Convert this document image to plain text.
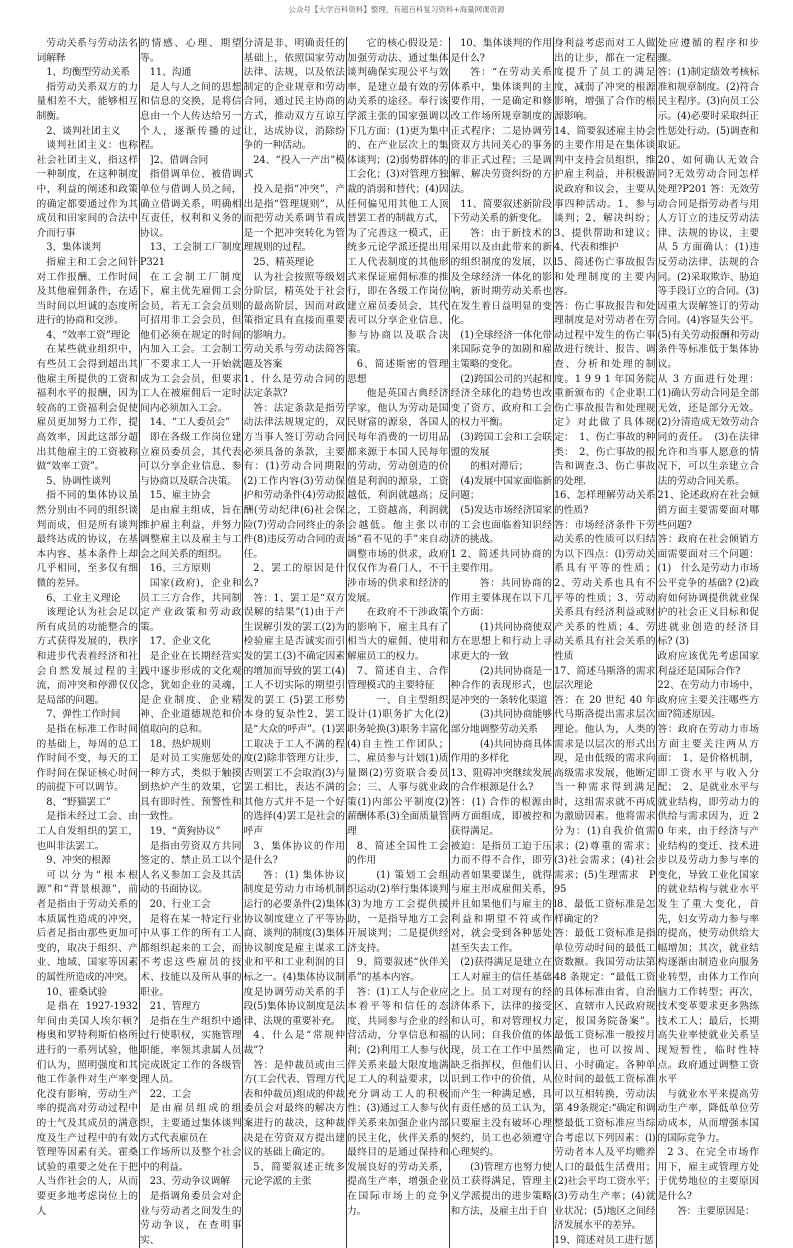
公众号【大学百科资料】整理，有超百科复习资料+海量网课资源

劳动关系与劳动法名词解释

1、均衡型劳动关系

指劳动关系双方的力量相差不大，能够相互制衡。

2、谈判社团主义

谈判社团主义：也称社会社团主义，指这样一种制度，在这种制度中，利益的阐述和政策的确定都要通过作为其成员和田家间的合法中介而行事

3、集体谈判

指雇主和工会之间针对工作报酬、工作时间及其他雇佣条件，在适当时间以坦诚的态度所进行的协商和交涉。

4、“效率工资”理论

在某些就业组织中，有些员工会得到超出其他雇主所提供的工资和福利水平的报酬，因为较高的工资福利会促使雇员更加努力工作，提高效率，因此这部分超出其他雇主的工资被称做“效率工资”。

5、协调性谈判

指不同的集体协议虽然分别由不同的组织谈判而成，但是所有谈判最终达成的协议，在基本内容、基本条件上却几乎相同，至多仅有细微的差异。

6、工业主义理论

该理论认为社会足以所有成员的功能整合的方式获得发展的，秩序和进步代表着经济和社会自然发展过程的主流，而冲突和停滞仅仅是局部的问题。

7、弹性工作时间

是指在标准工作时间的基础上，每周的总工作时间不变，每天的工作时间在保证核心时间的前提下可以调节。

8、“野猫罢工”

是指未经过工会、由工人自发组织的罢工，也叫非法罢工。

9、冲突的根源

可以分为“根本根源”和“背景根源”，前者是指由于劳动关系的本质属性造成的冲突，后者足指由那些更加可变的，取决于组织、产业、地域、国家等因素的属性所造成的冲突。

10、霍桑试验

是指在 1927-1932 年间由美国人埃尔顿?梅奥和罗特利斯伯格所进行的一系列试验，他们认为，照明强度和其他工作条件对生产率变化没有影响，劳动生产率的提高对劳动过程中的士气及其成员的满意度及生产过程中的有效管理等因素有关。霍桑试验的重要之处在于把人当作社会的人，从而要更多地考虑岗位上的人

的情感、心理、期望等。

11、沟通

是人与人之间的思想和信息的交换，是将信息由一个人传达给另一个人，逐渐传播的过程。

]2、借调合同

指借调单位、被借调单位与借调人员之间，确立借调关系，明确相互责任，权利和义务的协议。

13、工会制工厂制度P321

在工会制工厂制度下，雇主优先雇佣工会会员，若无工会会员则可招用非工会会员，但他们必须在规定的时间内加入工会。工会制工厂不要求工人一开始就成为工会会员，但要求工人在被雇佣后一定时间内必须加入工会。

14、“工人委员会”

即在各级工作岗位建立雇员委员会，其代表可以分享企业信息、参与协商以及联合决策。

15、雇主协会

是由雇主组成，旨在维护雇主利益，并努力调整雇主以及雇主与工会之间关系的组织。

16、三方原则

国家(政府)，企业和员工三方合作，共同制定产业政策和劳动政策。

17、企业文化

是企业在长期经营实践中逐步形成的文化观念，犹如企业的灵魂，是企业制度、企业精神、企业道德规范和价值取向的总和。

18、热炉规则

是对员工实施惩处的一种方式，类似于触摸到热炉产生的效果，它具有即时性、预警性和一致性。

19、“黄狗协议”

是指由劳资双方共同签定的、禁止员工以个人名义参加工会及其活动的书面协议。

20、行业工会

是将在某一特定行业中从事工作的所有工人都组织起来的工会，而不考虑这些雇员的技术、技能以及所从事的职业。

21、管理方

是指在生产组织中通过行使职权，实施管理职能，率领其隶属人员完成既定工作的各级管理人员。

22、工会

是由雇员组成的组织，主要通过集体谈判方式代表雇员在

工作场所以及整个社会中的利益。

23、劳动争议调解

是指调角委员会对企业与劳动者之间发生的劳动争议，在查明事实、

分清是非、明确责任的基础上，依照国家劳动法律、法规，以及依法制定的企业规章和劳动合同，通过民主协商的方式，推动双方互谅互让，达成协议，消除纷争的一种活动。

24、“投入一产出”模式

投入是指“冲突”，产出是指“管理规则”，从而把劳动关系调节看成是一个把冲突转化为管理规则的过程。

25、精英理论

认为社会按照等级划分阶层，精英处于社会的最高阶层，因而对政策指定具有直接而重要的影响力。

劳动关系与劳动法简答题及答案

1、什么是劳动合同的法定条款?

答：法定条款是指劳动法律法规规定的，双方当事人签订劳动合同必须具备的条款，主要有：(1)劳动合同期限(2)工作内容(3)劳动保护和劳动条件(4)劳动报酬(劳动纪律(6)社会保险(7)劳动合同终止的条件(8)违反劳动合同的责任。

2、罢工的原因是什么?

答：1、罢工是“双方误解的结果”(1)由于产生误解引发的罢工(2)为检验雇主是否诚实而引发的罢工(3)不确定因素的增加而导致的罢工(4)工人不切实际的期望引发的罢工 (5)罢工形势本身的复杂性2、罢工是“大众的呼声”。(1)罢工取决于工人不满的程度(2)除非管理方让步，否则罢工不会取消(3)与罢工相比，表达不满的其他方式并不是一个好的选择(4)罢工是社会的呼声

3、集体协议的作用是什么?

答：(1) 集体协议制度是劳动力市场机制运行的必要条件(2)集体协议制度建立了平等协商、谈判的制度(3)集体协议制度是雇主谋求工业和平和工业利润的目标之一。(4)集体协议制度是协调劳动关系的手段(5)集体协议制度是法律、法规的重要补充。

4、什么是“常规仲裁”?

答：是仲裁员或由三方(工会代表、管理方代表和仲裁员)组成的仲裁委员会对最终的解决方案进行的裁决，这种裁决是在劳资双方提出建议的基础上确定的。

5、简要叙述正统多元论学派的主张

它的核心假设是：加强劳动法、通过集体谈判确保实现公平与效率，是建立最有效的劳动关系的途径。奉行该学派主张的国家强调以下几方面：(1)更为集中的、在产业层次上的集体谈判；(2)弱势群体的工会化；(3)对管理方独裁的消弱和替代；(4)因任何偏见用其他工人顶替罢工者的制裁方式，

为了完善这一模式，正统多元论学派还提出用工人代表制度的其他形式来保证雇佣标准的推行，即在各级工作岗位建立雇员委员会，其代表可以分享企业信息、参与协商以及联合决策。

6、简述斯密的管理思想

他是英国古典经济学家，他认为劳动是国民财富的源泉，各国人民每年消费的一切用品都来源于本国人民每年的劳动，劳动创造的价值是利润的源泉，工资越低，利润就越高；反之，工资越高，利润就会越低。他主张以市场“看不见的手”来自动调整市场的供求，政府仅仅作为看门人，不干涉市场的供求和经济的发展。

在政府不干涉政策的影响下，雇主具有了相当大的雇佣、使用和解雇员工的权力。

7、简述自主、合作管理模式的主要特征

一、自主型组织设计(1)职务扩大化(2)职务轮换(3)职务丰富化(4)自主性工作团队；二、雇员参与计划(1)质量圈(2)劳资联合委员会；三、人事与就业政策(1)内部公平制度(2)薪酬体系(3)全面质量管理

8、简述全国性工会的作用

(1) 策划工会组织运动(2)举行集体谈判(3)为地方工会提供援助，一是指导地方工会开展谈判；二是提供经济支持。

9、简要叙述“伙伴关系”的基本内容。

答：(1)工人与企业应本着平等和信任的态度，共同参与企业的经营活动，分享信息和福利；(2)利用工人参与伙伴关系来最大限度地满足工人的利益要求，以充分调动工人的积极性；(3)通过工人参与伙伴关系来加强企业内部的民主化，伙伴关系的最终目的是通过保持和发展良好的劳动关系，提高生产率，增强企业在国际市场上的竞争力。

10、集体谈判的作用是什么?

答：“在劳动关系体系中，集体谈判的主要作用，一是确定和修改工作场所规章制度的正式程序；二是协调劳资双方共同关心的事务的非正式过程；三是调解、解决劳资纠纷的方法。

11、简要叙述新阶段下劳动关系的新变化。

答：由于新技术的采用以及由此带来的新的组织制度的发展，以及全球经济一体化的影响，新时期劳动关系也在发生着日益明显的变化。

(1)全球经济一体化带来国际竞争的加剧和雇主策略的变化。

(2)跨国公司的兴起和经济全球化的趋势也改变了资方、政府和工会的权力平衡。

(3)跨国工会和工会联盟的发展

的相对滞后；

(4)发展中国家面临新问题；

(5)发达市场经济国家的工会也面临着知识经济的挑战。

1 2、简述共同协商的主要作用。

答：共同协商的作用主要体现在以下几个方面：

(1)共同协商使双方在思想上和行动上寻求更大的一致

(2)共同协商是一种合作的表现形式，也是冲突的一条转化渠道

(3)共同协商能够部分地调整劳动关系

(4)共同协商具体作用的多样化

13、阻碍冲突继续发展的合作根源是什么?

答：(1) 合作的根源由两方面组成，即被控和获得满足。

被迫：是指员工迫于压力而不得不合作，即劳动者如果要谋生，就得与雇主形成雇佣关系，并且如果他们与雇主的利益和期望不符或作对，就会受到各种惩处甚至失去工作。

(2)获得满足是建立在工人对雇主的信任基础之上。员工对现有的经济体系下，法律的接受和认可，和对管理权力的认同；自我价值的体现，员工在工作中虽然缺乏指挥权，但他们认识到工作中的价值，从而产生一种满足感，具有责任感的员工认为，只要雇主没有破坏心理契约，员工也必须遵守心理契约。

(3)管理方也努力使员工获得满足，管理主义学派提出的进步策略和方法，及雇主出于自

身利益考虑而对工人做出的让步，都在一定程度提升了员工的满足度，减弱了冲突的根源影响，增强了合作的根源影响。

14、简要叙述雇主协会的主要作用是在集体谈判中支持会员组织，维护雇主利益，并积极游说政府和议会，主要从事四种活动。1、参与谈判；2、解决纠纷；3、提供帮助和建议；4、代表和维护

l5、简述伤亡事故报告和处理制度的主要内容。

答：伤亡事故报告和处理制度是对劳动者在劳动过程中发生的伤亡事故进行统计、报告、调查、分析和处理的制度。1 9 9 1 年国务院重新颁布的《企业职工伤亡事故报告和处理规定》对此做了具体规定：　1、伤亡事故的种类：　2、伤亡事故的报告和调查.3、伤亡事故的处理.

16、怎样理解劳动关系的性质?

答：市场经济条件下劳动关系的性质可以归结为以下四点：(l)劳动关系具有平等的性质；2、劳动关系也具有不平等的性质；3、劳动关系具有经济利益或财产关系的性质；4、劳动关系具有社会关系的性质

17、简述马斯洛的需求层次理论

答：在 20 世纪 40 年代马斯洛提出需求层次理论。他认为，人类的需求是以层次的形式出现，是由低级的需求向高级需求发展，他断定当一种需求得到满足时，这组需求就不再成为激励因素。他将需求分为：(1)自我价值需求；(2)尊重的需求；(3)社会需求；(4)社会需求；(5)生理需求　P95

l8、最低工资标准是怎样确定的?

答：最低工资标准是指单位劳动时间的最低工资数额。我国劳动法第48 条规定：“最低工资的具体标准由省、自治区、直辖市人民政府规定，报国务院备案”。最低工资标准一般按月确定，也可以按周、日、小时确定。各种单位时间的最低工资标准可以互相转换，劳动法第 49条规定:“确定和调整最低工资标准应当综合考虑以下列因素：(l)劳动者本人及平均赡养人口的最低生活费用；(2)社会平均工资水平；(3)劳动生产率；(4)就业状况；(5)地区之间经济发展水平的差异。

19、简述对员工进行惩

处应遵循的程序和步骤。

答：(1)制定绩效考核标准和规章制度。(2)符合民主程序。(3)向员工公示。(4)必要时采取纠正性惩处行动。(5)调查和取证。

20、如何确认无效合同?无效劳动合同怎样处理?P201 答：无效劳动合同是指劳动者与用人方订立的违反劳动法律、法规的协议，主要从 5 方面确认：(1)违反劳动法律、法规的合同。(2)采取欺诈、胁迫等手段订立的合同。(3)因重大误解签订的劳动合同。(4)容显失公平。(5)有关劳动报酬和劳动条件等标准低于集体协议。

从 3 方面进行处理：(1)确认劳动合同是全部无效，还是部分无效。(2)分清造成无效劳动合同的责任。　(3)在法律允许和当事人愿意的情况下，可以生亲建立合法的劳动合同关系。

21、论述政府在社会倾销方面主要需要面对哪些问题?

答：政府在社会倾销方面需要面对三个问题：(1)　什么是劳动力市场公平竞争的基础? (2)政府如何协调提供就业保护的社会正义目标和促进就业创造的经济目标? (3)

政府应该优先考虑国家利益还是国际合作?

22、在劳动力市场中，政府应主要关注哪些方面?简述原因。

答：政府在劳动力市场方面主要关注两从方面：　1、是价格机制，即工资水平与收入分配；　2、是就业水平与就业结构，即劳动力的供给与需求因为，近 2 0 年来，由于经济与产业结构的变迁、技术进步以及劳动力参与率的变化，导致工业化国家的就业结构与就业水平发生了重大变化，首先，妇女劳动力参与率的提高，使劳动供给大幅增加；其次，就业结构逐渐由制造业向服务业转型，由体力工作向脑力工作转型；再次，技术变革要求更多熟练技术工人；最后，长期高失业率使就业关系呈现短暂性，临时性特点。政府通过调整工资水平

与就业水平来提高劳动生产率，降低单位劳动成本，从而增强本国的国际竞争力。

2 3、在完全市场作用下，雇主或管理方处于优势地位的主要原因是什么?

答：主要原因是：
